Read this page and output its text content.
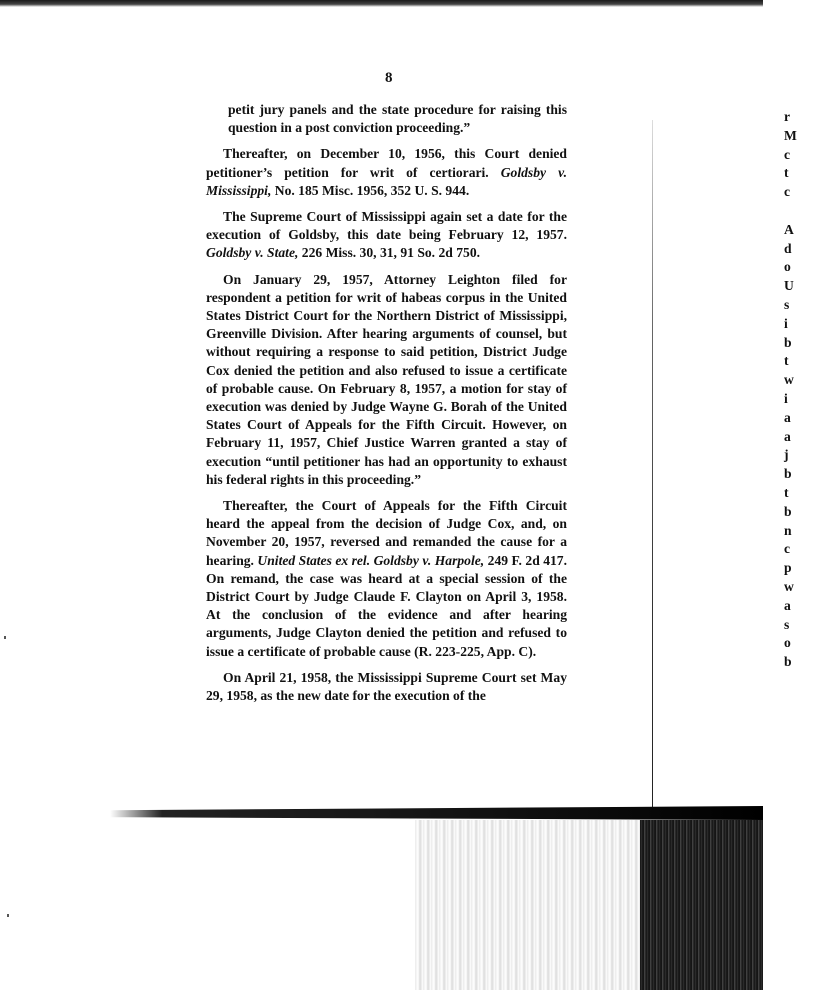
8

petit jury panels and the state procedure for raising this question in a post conviction proceeding.”

Thereafter, on December 10, 1956, this Court denied petitioner’s petition for writ of certiorari. Goldsby v. Mississippi, No. 185 Misc. 1956, 352 U. S. 944.

The Supreme Court of Mississippi again set a date for the execution of Goldsby, this date being February 12, 1957. Goldsby v. State, 226 Miss. 30, 31, 91 So. 2d 750.

On January 29, 1957, Attorney Leighton filed for respondent a petition for writ of habeas corpus in the United States District Court for the Northern District of Mississippi, Greenville Division. After hearing arguments of counsel, but without requiring a response to said petition, District Judge Cox denied the petition and also refused to issue a certificate of probable cause. On February 8, 1957, a motion for stay of execution was denied by Judge Wayne G. Borah of the United States Court of Appeals for the Fifth Circuit. However, on February 11, 1957, Chief Justice Warren granted a stay of execution “until petitioner has had an opportunity to exhaust his federal rights in this proceeding.”

Thereafter, the Court of Appeals for the Fifth Circuit heard the appeal from the decision of Judge Cox, and, on November 20, 1957, reversed and remanded the cause for a hearing. United States ex rel. Goldsby v. Harpole, 249 F. 2d 417. On remand, the case was heard at a special session of the District Court by Judge Claude F. Clayton on April 3, 1958. At the conclusion of the evidence and after hearing arguments, Judge Clayton denied the petition and refused to issue a certificate of probable cause (R. 223-225, App. C).

On April 21, 1958, the Mississippi Supreme Court set May 29, 1958, as the new date for the execution of the

r
M
c
t
c
A
d
o
U
s
i
b
t
w
i
a
a
j
b
t
b
n
c
p
w
a
s
o
b
